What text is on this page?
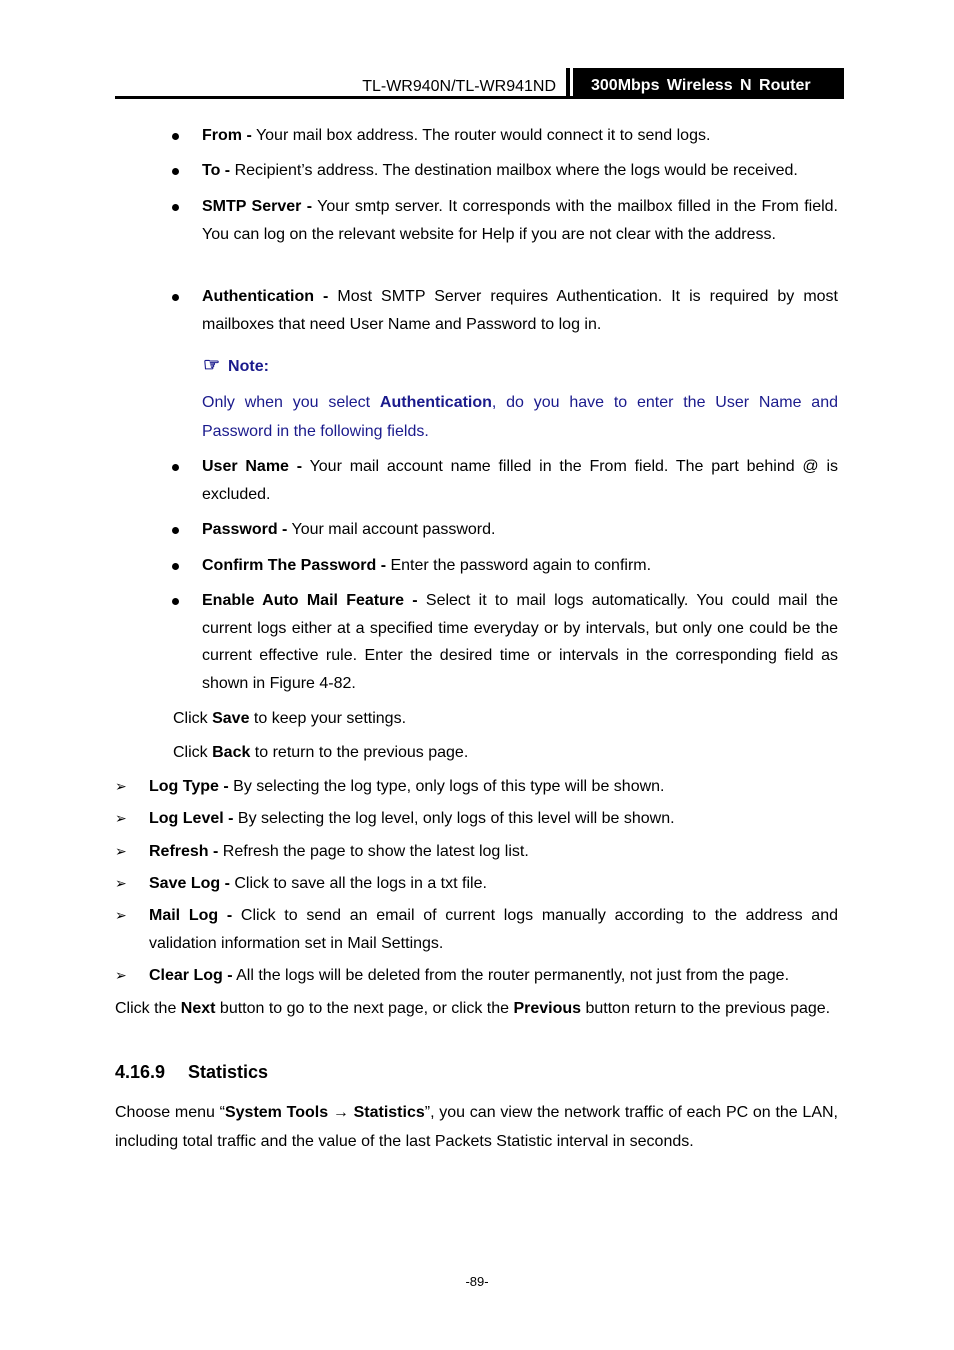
TL-WR940N/TL-WR941ND	300Mbps Wireless N Router

From - Your mail box address. The router would connect it to send logs.

To - Recipient’s address. The destination mailbox where the logs would be received.

SMTP Server - Your smtp server. It corresponds with the mailbox filled in the From field. You can log on the relevant website for Help if you are not clear with the address.

Authentication - Most SMTP Server requires Authentication. It is required by most mailboxes that need User Name and Password to log in.

☞ Note:

Only when you select Authentication, do you have to enter the User Name and Password in the following fields.

User Name - Your mail account name filled in the From field. The part behind @ is excluded.

Password - Your mail account password.

Confirm The Password - Enter the password again to confirm.

Enable Auto Mail Feature - Select it to mail logs automatically. You could mail the current logs either at a specified time everyday or by intervals, but only one could be the current effective rule. Enter the desired time or intervals in the corresponding field as shown in Figure 4-82.

Click Save to keep your settings.

Click Back to return to the previous page.

➢ Log Type - By selecting the log type, only logs of this type will be shown.

➢ Log Level - By selecting the log level, only logs of this level will be shown.

➢ Refresh - Refresh the page to show the latest log list.

➢ Save Log - Click to save all the logs in a txt file.

➢ Mail Log - Click to send an email of current logs manually according to the address and validation information set in Mail Settings.

➢ Clear Log - All the logs will be deleted from the router permanently, not just from the page.

Click the Next button to go to the next page, or click the Previous button return to the previous page.

4.16.9 Statistics

Choose menu “System Tools → Statistics”, you can view the network traffic of each PC on the LAN, including total traffic and the value of the last Packets Statistic interval in seconds.

-89-
